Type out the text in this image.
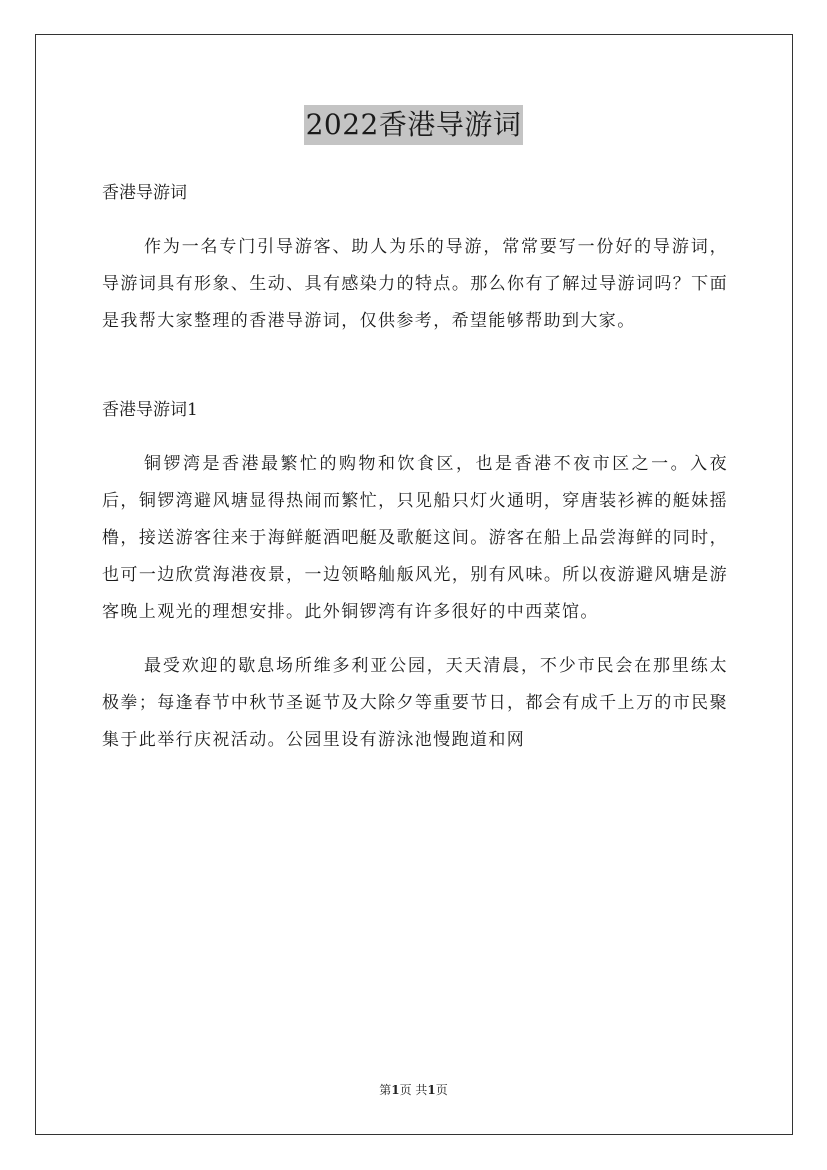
2022香港导游词

香港导游词

作为一名专门引导游客、助人为乐的导游，常常要写一份好的导游词，导游词具有形象、生动、具有感染力的特点。那么你有了解过导游词吗？下面是我帮大家整理的香港导游词，仅供参考，希望能够帮助到大家。

香港导游词1

铜锣湾是香港最繁忙的购物和饮食区，也是香港不夜市区之一。入夜后，铜锣湾避风塘显得热闹而繁忙，只见船只灯火通明，穿唐装衫裤的艇妹摇橹，接送游客往来于海鲜艇酒吧艇及歌艇这间。游客在船上品尝海鲜的同时，也可一边欣赏海港夜景，一边领略舢舨风光，别有风味。所以夜游避风塘是游客晚上观光的理想安排。此外铜锣湾有许多很好的中西菜馆。

最受欢迎的歇息场所维多利亚公园，天天清晨，不少市民会在那里练太极拳；每逢春节中秋节圣诞节及大除夕等重要节日，都会有成千上万的市民聚集于此举行庆祝活动。公园里设有游泳池慢跑道和网

第1页 共1页
